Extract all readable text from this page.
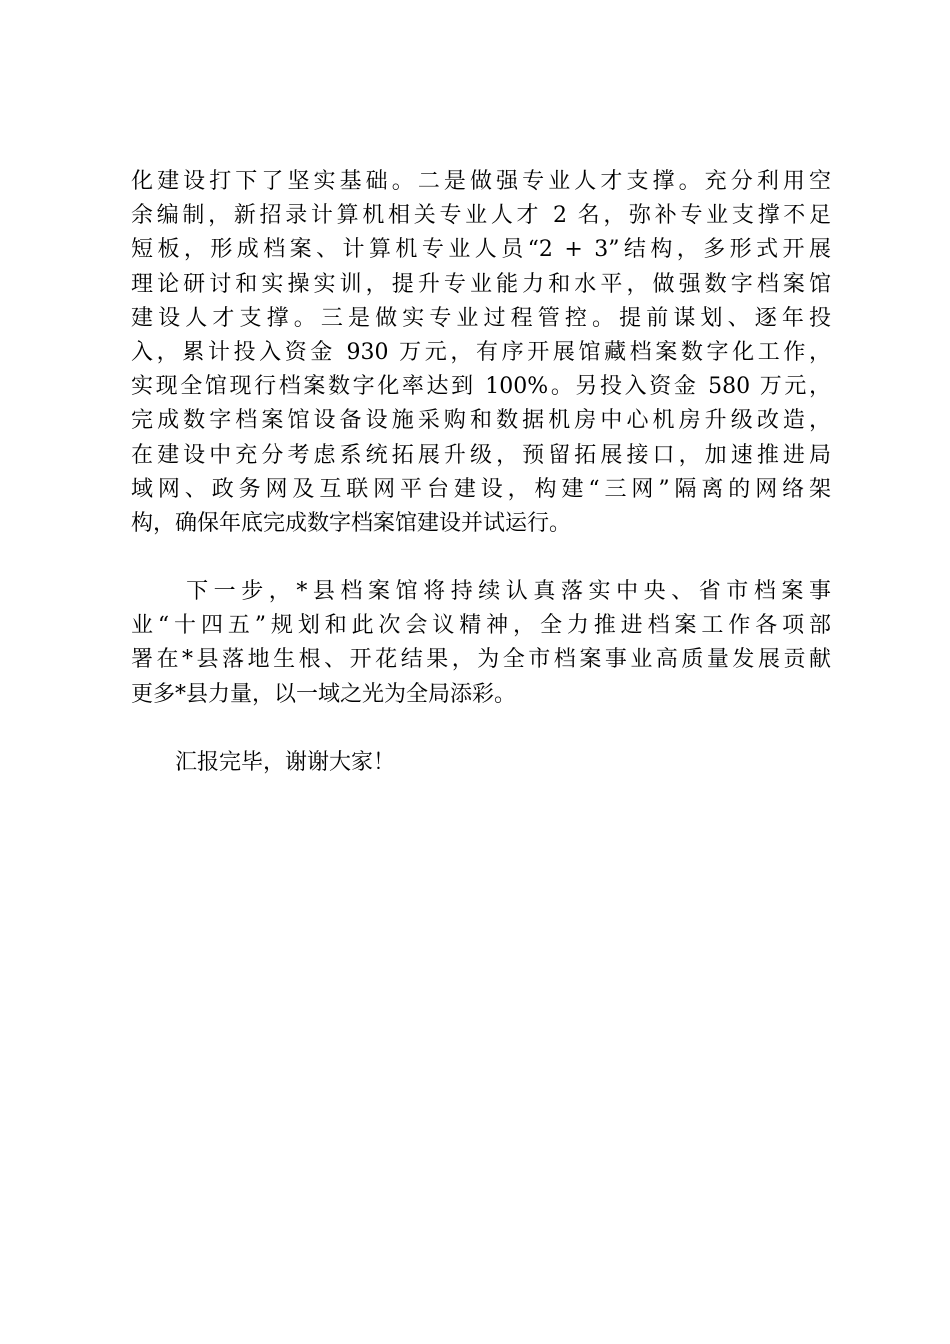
化建设打下了坚实基础。二是做强专业人才支撑。充分利用空
余编制，新招录计算机相关专业人才 2 名，弥补专业支撑不足
短板，形成档案、计算机专业人员“2 + 3”结构，多形式开展
理论研讨和实操实训，提升专业能力和水平，做强数字档案馆
建设人才支撑。三是做实专业过程管控。提前谋划、逐年投
入，累计投入资金 930 万元，有序开展馆藏档案数字化工作，
实现全馆现行档案数字化率达到 100%。另投入资金 580 万元，
完成数字档案馆设备设施采购和数据机房中心机房升级改造，
在建设中充分考虑系统拓展升级，预留拓展接口，加速推进局
域网、政务网及互联网平台建设，构建“三网”隔离的网络架
构，确保年底完成数字档案馆建设并试运行。
　　下一步，*县档案馆将持续认真落实中央、省市档案事
业“十四五”规划和此次会议精神，全力推进档案工作各项部
署在*县落地生根、开花结果，为全市档案事业高质量发展贡献
更多*县力量，以一域之光为全局添彩。
　　汇报完毕，谢谢大家！
